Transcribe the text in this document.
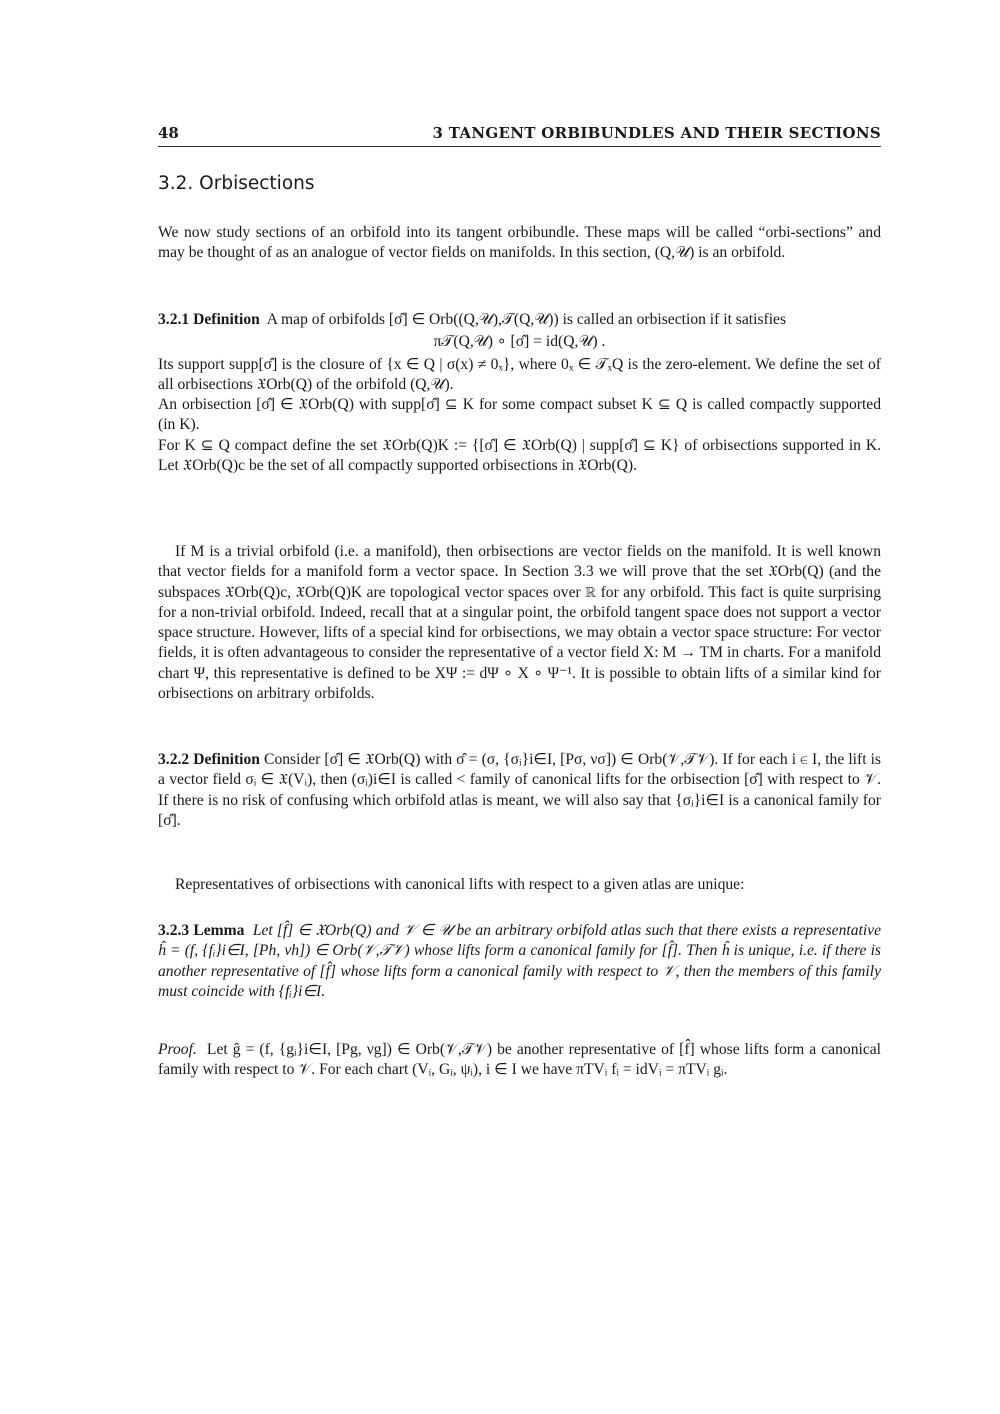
48	3 TANGENT ORBIBUNDLES AND THEIR SECTIONS
3.2. Orbisections
We now study sections of an orbifold into its tangent orbibundle. These maps will be called “orbi-sections” and may be thought of as an analogue of vector fields on manifolds. In this section, (Q,𝒰) is an orbifold.
3.2.1 Definition A map of orbifolds [σ̂] ∈ Orb((Q,𝒰),𝒯(Q,𝒰)) is called an orbisection if it satisfies
π𝒯(Q,𝒰) ∘ [σ̂] = id(Q,𝒰) .
Its support supp[σ̂] is the closure of {x ∈ Q | σ(x) ≠ 0ₓ}, where 0ₓ ∈ 𝒯ₓQ is the zero-element. We define the set of all orbisections 𝔛Orb(Q) of the orbifold (Q,𝒰).
An orbisection [σ̂] ∈ 𝔛Orb(Q) with supp[σ̂] ⊆ K for some compact subset K ⊆ Q is called compactly supported (in K).
For K ⊆ Q compact define the set 𝔛Orb(Q)K := {[σ̂] ∈ 𝔛Orb(Q) | supp[σ̂] ⊆ K} of orbisections supported in K. Let 𝔛Orb(Q)c be the set of all compactly supported orbisections in 𝔛Orb(Q).
If M is a trivial orbifold (i.e. a manifold), then orbisections are vector fields on the manifold. It is well known that vector fields for a manifold form a vector space. In Section 3.3 we will prove that the set 𝔛Orb(Q) (and the subspaces 𝔛Orb(Q)c, 𝔛Orb(Q)K are topological vector spaces over ℝ for any orbifold. This fact is quite surprising for a non-trivial orbifold. Indeed, recall that at a singular point, the orbifold tangent space does not support a vector space structure. However, lifts of a special kind for orbisections, we may obtain a vector space structure: For vector fields, it is often advantageous to consider the representative of a vector field X: M → TM in charts. For a manifold chart Ψ, this representative is defined to be XΨ := dΨ ∘ X ∘ Ψ⁻¹. It is possible to obtain lifts of a similar kind for orbisections on arbitrary orbifolds.
3.2.2 Definition Consider [σ̂] ∈ 𝔛Orb(Q) with σ̂ = (σ, {σᵢ}i∈I, [Pσ, νσ]) ∈ Orb(𝒱,𝒯𝒱). If for each i ∈ I, the lift is a vector field σᵢ ∈ 𝔛(Vᵢ), then (σᵢ)i∈I is called < family of canonical lifts for the orbisection [σ̂] with respect to 𝒱. If there is no risk of confusing which orbifold atlas is meant, we will also say that {σᵢ}i∈I is a canonical family for [σ̂].
Representatives of orbisections with canonical lifts with respect to a given atlas are unique:
3.2.3 Lemma Let [f̂] ∈ 𝔛Orb(Q) and 𝒱 ∈ 𝒰 be an arbitrary orbifold atlas such that there exists a representative ĥ = (f, {fᵢ}i∈I, [Ph, νh]) ∈ Orb(𝒱,𝒯𝒱) whose lifts form a canonical family for [f̂]. Then ĥ is unique, i.e. if there is another representative of [f̂] whose lifts form a canonical family with respect to 𝒱, then the members of this family must coincide with {fᵢ}i∈I.
Proof. Let ĝ = (f, {gᵢ}i∈I, [Pg, νg]) ∈ Orb(𝒱,𝒯𝒱) be another representative of [f̂] whose lifts form a canonical family with respect to 𝒱. For each chart (Vᵢ, Gᵢ, ψᵢ), i ∈ I we have πTVᵢ fᵢ = idVᵢ = πTVᵢ gᵢ.
